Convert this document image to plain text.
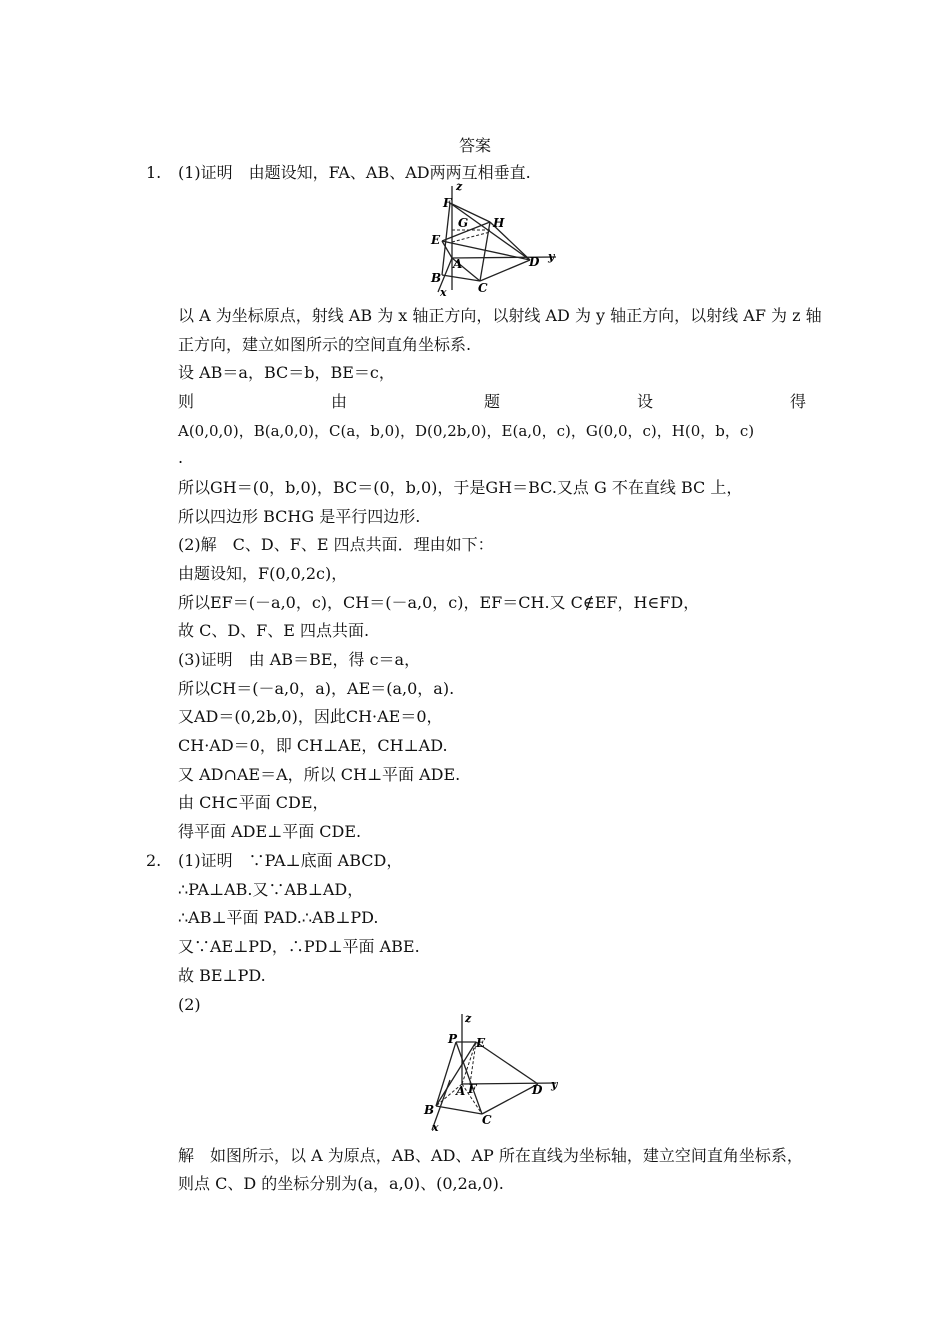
答案
1. (1)证明　由题设知，FA、AB、AD两两互相垂直.
z
F
G H
E
A	D y
B
C
x
以 A 为坐标原点，射线 AB 为 x 轴正方向，以射线 AD 为 y 轴正方向，以射线 AF 为 z 轴
正方向，建立如图所示的空间直角坐标系.
设 AB＝a，BC＝b，BE＝c，
则	由	题	设	得
A(0,0,0)，B(a,0,0)，C(a，b,0)，D(0,2b,0)，E(a,0，c)，G(0,0，c)，H(0，b，c)
.
所以GH＝(0，b,0)，BC＝(0，b,0)，于是GH＝BC.又点 G 不在直线 BC 上，
所以四边形 BCHG 是平行四边形.
(2)解　C、D、F、E 四点共面．理由如下：
由题设知，F(0,0,2c)，
所以EF＝(－a,0，c)，CH＝(－a,0，c)，EF＝CH.又 C∉EF，H∈FD，
故 C、D、F、E 四点共面.
(3)证明　由 AB＝BE，得 c＝a，
所以CH＝(－a,0，a)，AE＝(a,0，a).
又AD＝(0,2b,0)，因此CH·AE＝0，
CH·AD＝0，即 CH⊥AE，CH⊥AD.
又 AD∩AE＝A，所以 CH⊥平面 ADE.
由 CH⊂平面 CDE，
得平面 ADE⊥平面 CDE.
2. (1)证明　∵PA⊥底面 ABCD，
∴PA⊥AB.又∵AB⊥AD，
∴AB⊥平面 PAD.∴AB⊥PD.
又∵AE⊥PD，∴PD⊥平面 ABE.
故 BE⊥PD.
(2)
z
P E
A F	D y
B
C
x
解　如图所示，以 A 为原点，AB、AD、AP 所在直线为坐标轴，建立空间直角坐标系，
则点 C、D 的坐标分别为(a，a,0)、(0,2a,0).
